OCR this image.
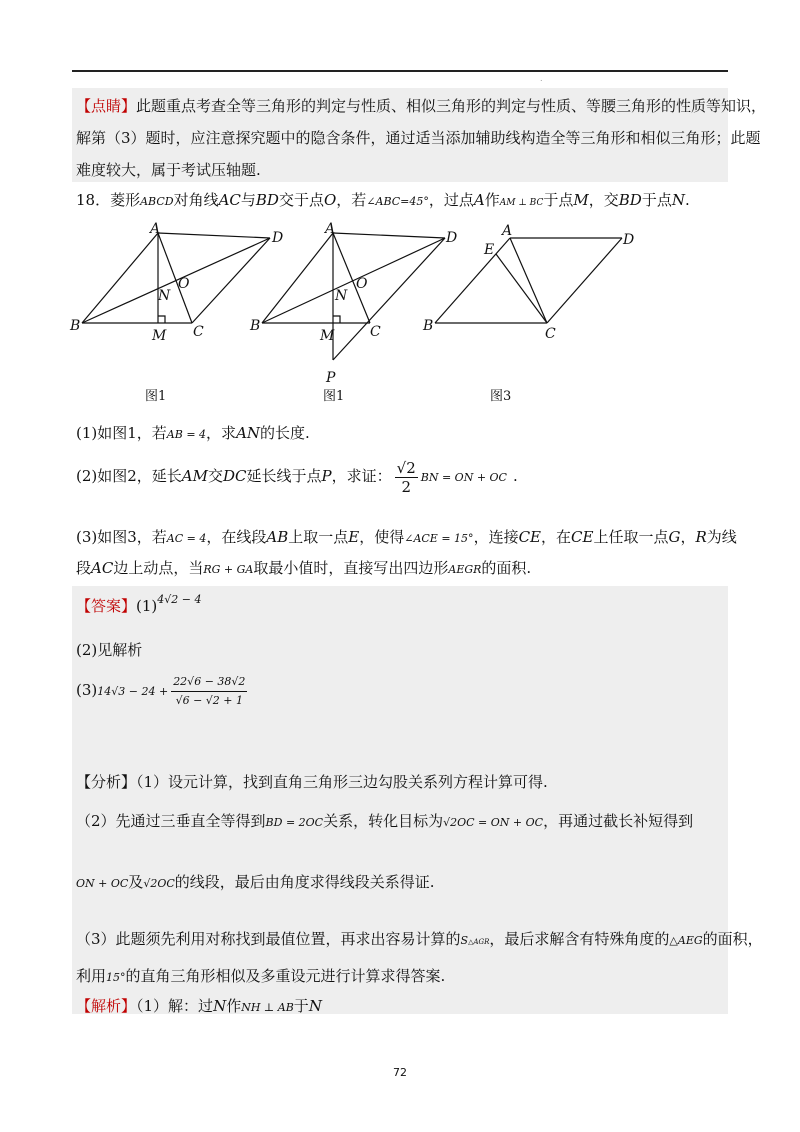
.
【点睛】此题重点考查全等三角形的判定与性质、相似三角形的判定与性质、等腰三角形的性质等知识，
解第（3）题时，应注意探究题中的隐含条件，通过适当添加辅助线构造全等三角形和相似三角形；此题
难度较大，属于考试压轴题.
18．菱形ABCD对角线AC与BD交于点O，若∠ABC=45°，过点A作AM ⊥ BC于点M，交BD于点N.
A
D
O
N
B
M C
图1
A
D
O
N
B
M	C
P
图1
A
D
E
B	C
图3
(1)如图1，若AB = 4，求AN的长度.
(2)如图2，延长AM交DC延长线于点P，求证： $\frac{√2}{2}$ BN = ON + OC .
(3)如图3，若AC = 4，在线段AB上取一点E，使得∠ACE = 15°，连接CE，在CE上任取一点G，R为线
段AC边上动点，当RG + GA取最小值时，直接写出四边形AEGR的面积.
【答案】$(1)^{4√2 - 4}$
(2)见解析
$(3)14√3 - 24 + \frac{22√6 - 38√2}{√6 - √2 + 1}$
【分析】（1）设元计算，找到直角三角形三边勾股关系列方程计算可得.
（2）先通过三垂直全等得到BD = 2OC关系，转化目标为√2OC = ON + OC，再通过截长补短得到
ON + OC及√2OC的线段，最后由角度求得线段关系得证.
（3）此题须先利用对称找到最值位置，再求出容易计算的S△AGR，最后求解含有特殊角度的△AEG的面积，
利用15°的直角三角形相似及多重设元进行计算求得答案.
【解析】（1）解：过N作NH ⊥ AB于N
72
